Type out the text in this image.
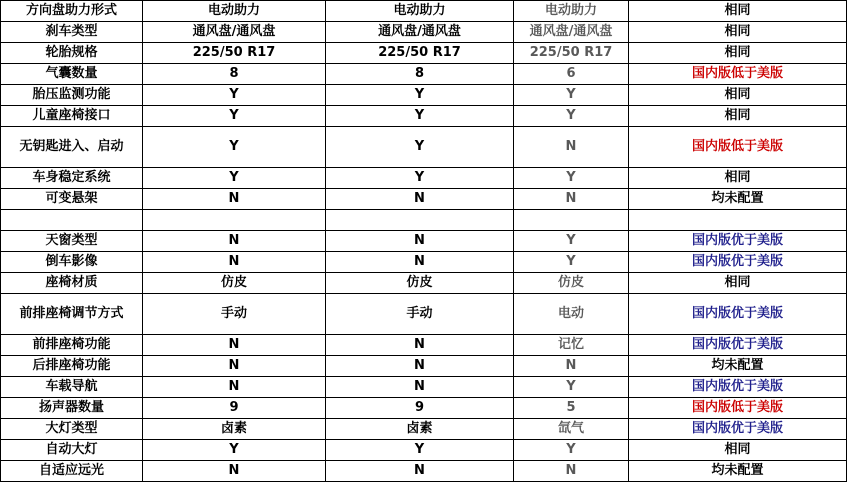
方向盘助力形式	电动助力	电动助力	电动助力	相同
刹车类型	通风盘/通风盘	通风盘/通风盘	通风盘/通风盘	相同
轮胎规格	225/50 R17	225/50 R17	225/50 R17	相同
气囊数量	8	8	6	国内版低于美版
胎压监测功能	Y	Y	Y	相同
儿童座椅接口	Y	Y	Y	相同
无钥匙进入、启动	Y	Y	N	国内版低于美版
车身稳定系统	Y	Y	Y	相同
可变悬架	N	N	N	均未配置

天窗类型	N	N	Y	国内版优于美版
倒车影像	N	N	Y	国内版优于美版
座椅材质	仿皮	仿皮	仿皮	相同
前排座椅调节方式	手动	手动	电动	国内版优于美版
前排座椅功能	N	N	记忆	国内版优于美版
后排座椅功能	N	N	N	均未配置
车载导航	N	N	Y	国内版优于美版
扬声器数量	9	9	5	国内版低于美版
大灯类型	卤素	卤素	氙气	国内版优于美版
自动大灯	Y	Y	Y	相同
自适应远光	N	N	N	均未配置
